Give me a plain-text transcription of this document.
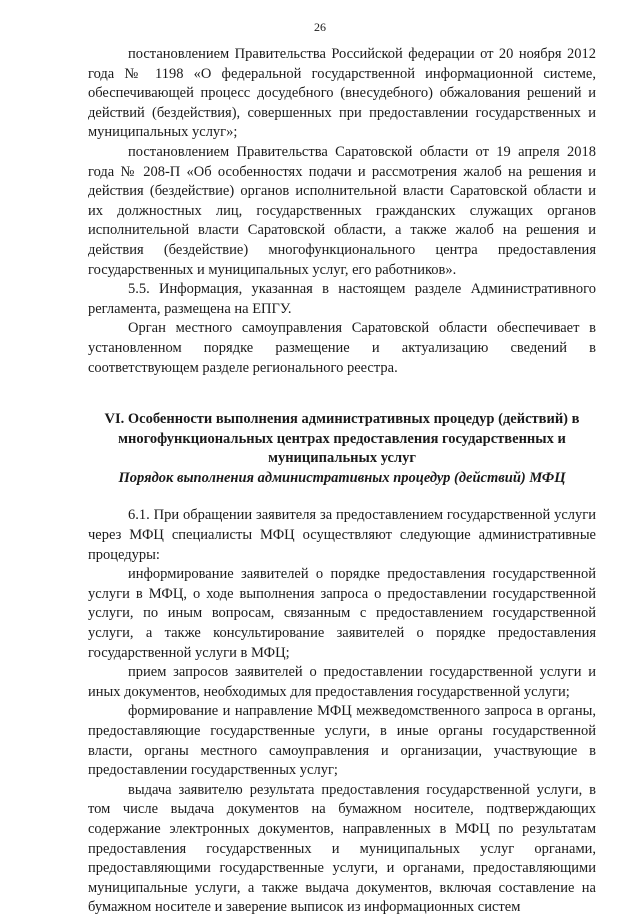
26

постановлением Правительства Российской федерации от 20 ноября 2012 года № 1198 «О федеральной государственной информационной системе, обеспечивающей процесс досудебного (внесудебного) обжалования решений и действий (бездействия), совершенных при предоставлении государственных и муниципальных услуг»;

постановлением Правительства Саратовской области от 19 апреля 2018 года № 208-П «Об особенностях подачи и рассмотрения жалоб на решения и действия (бездействие) органов исполнительной власти Саратовской области и их должностных лиц, государственных гражданских служащих органов исполнительной власти Саратовской области, а также жалоб на решения и действия (бездействие) многофункционального центра предоставления государственных и муниципальных услуг, его работников».

5.5. Информация, указанная в настоящем разделе Административного регламента, размещена на ЕПГУ.

Орган местного самоуправления Саратовской области обеспечивает в установленном порядке размещение и актуализацию сведений в соответствующем разделе регионального реестра.

VI. Особенности выполнения административных процедур (действий) в многофункциональных центрах предоставления государственных и муниципальных услуг
Порядок выполнения административных процедур (действий) МФЦ

6.1. При обращении заявителя за предоставлением государственной услуги через МФЦ специалисты МФЦ осуществляют следующие административные процедуры:

информирование заявителей о порядке предоставления государственной услуги в МФЦ, о ходе выполнения запроса о предоставлении государственной услуги, по иным вопросам, связанным с предоставлением государственной услуги, а также консультирование заявителей о порядке предоставления государственной услуги в МФЦ;

прием запросов заявителей о предоставлении государственной услуги и иных документов, необходимых для предоставления государственной услуги;

формирование и направление МФЦ межведомственного запроса в органы, предоставляющие государственные услуги, в иные органы государственной власти, органы местного самоуправления и организации, участвующие в предоставлении государственных услуг;

выдача заявителю результата предоставления государственной услуги, в том числе выдача документов на бумажном носителе, подтверждающих содержание электронных документов, направленных в МФЦ по результатам предоставления государственных и муниципальных услуг органами, предоставляющими государственные услуги, и органами, предоставляющими муниципальные услуги, а также выдача документов, включая составление на бумажном носителе и заверение выписок из информационных систем
